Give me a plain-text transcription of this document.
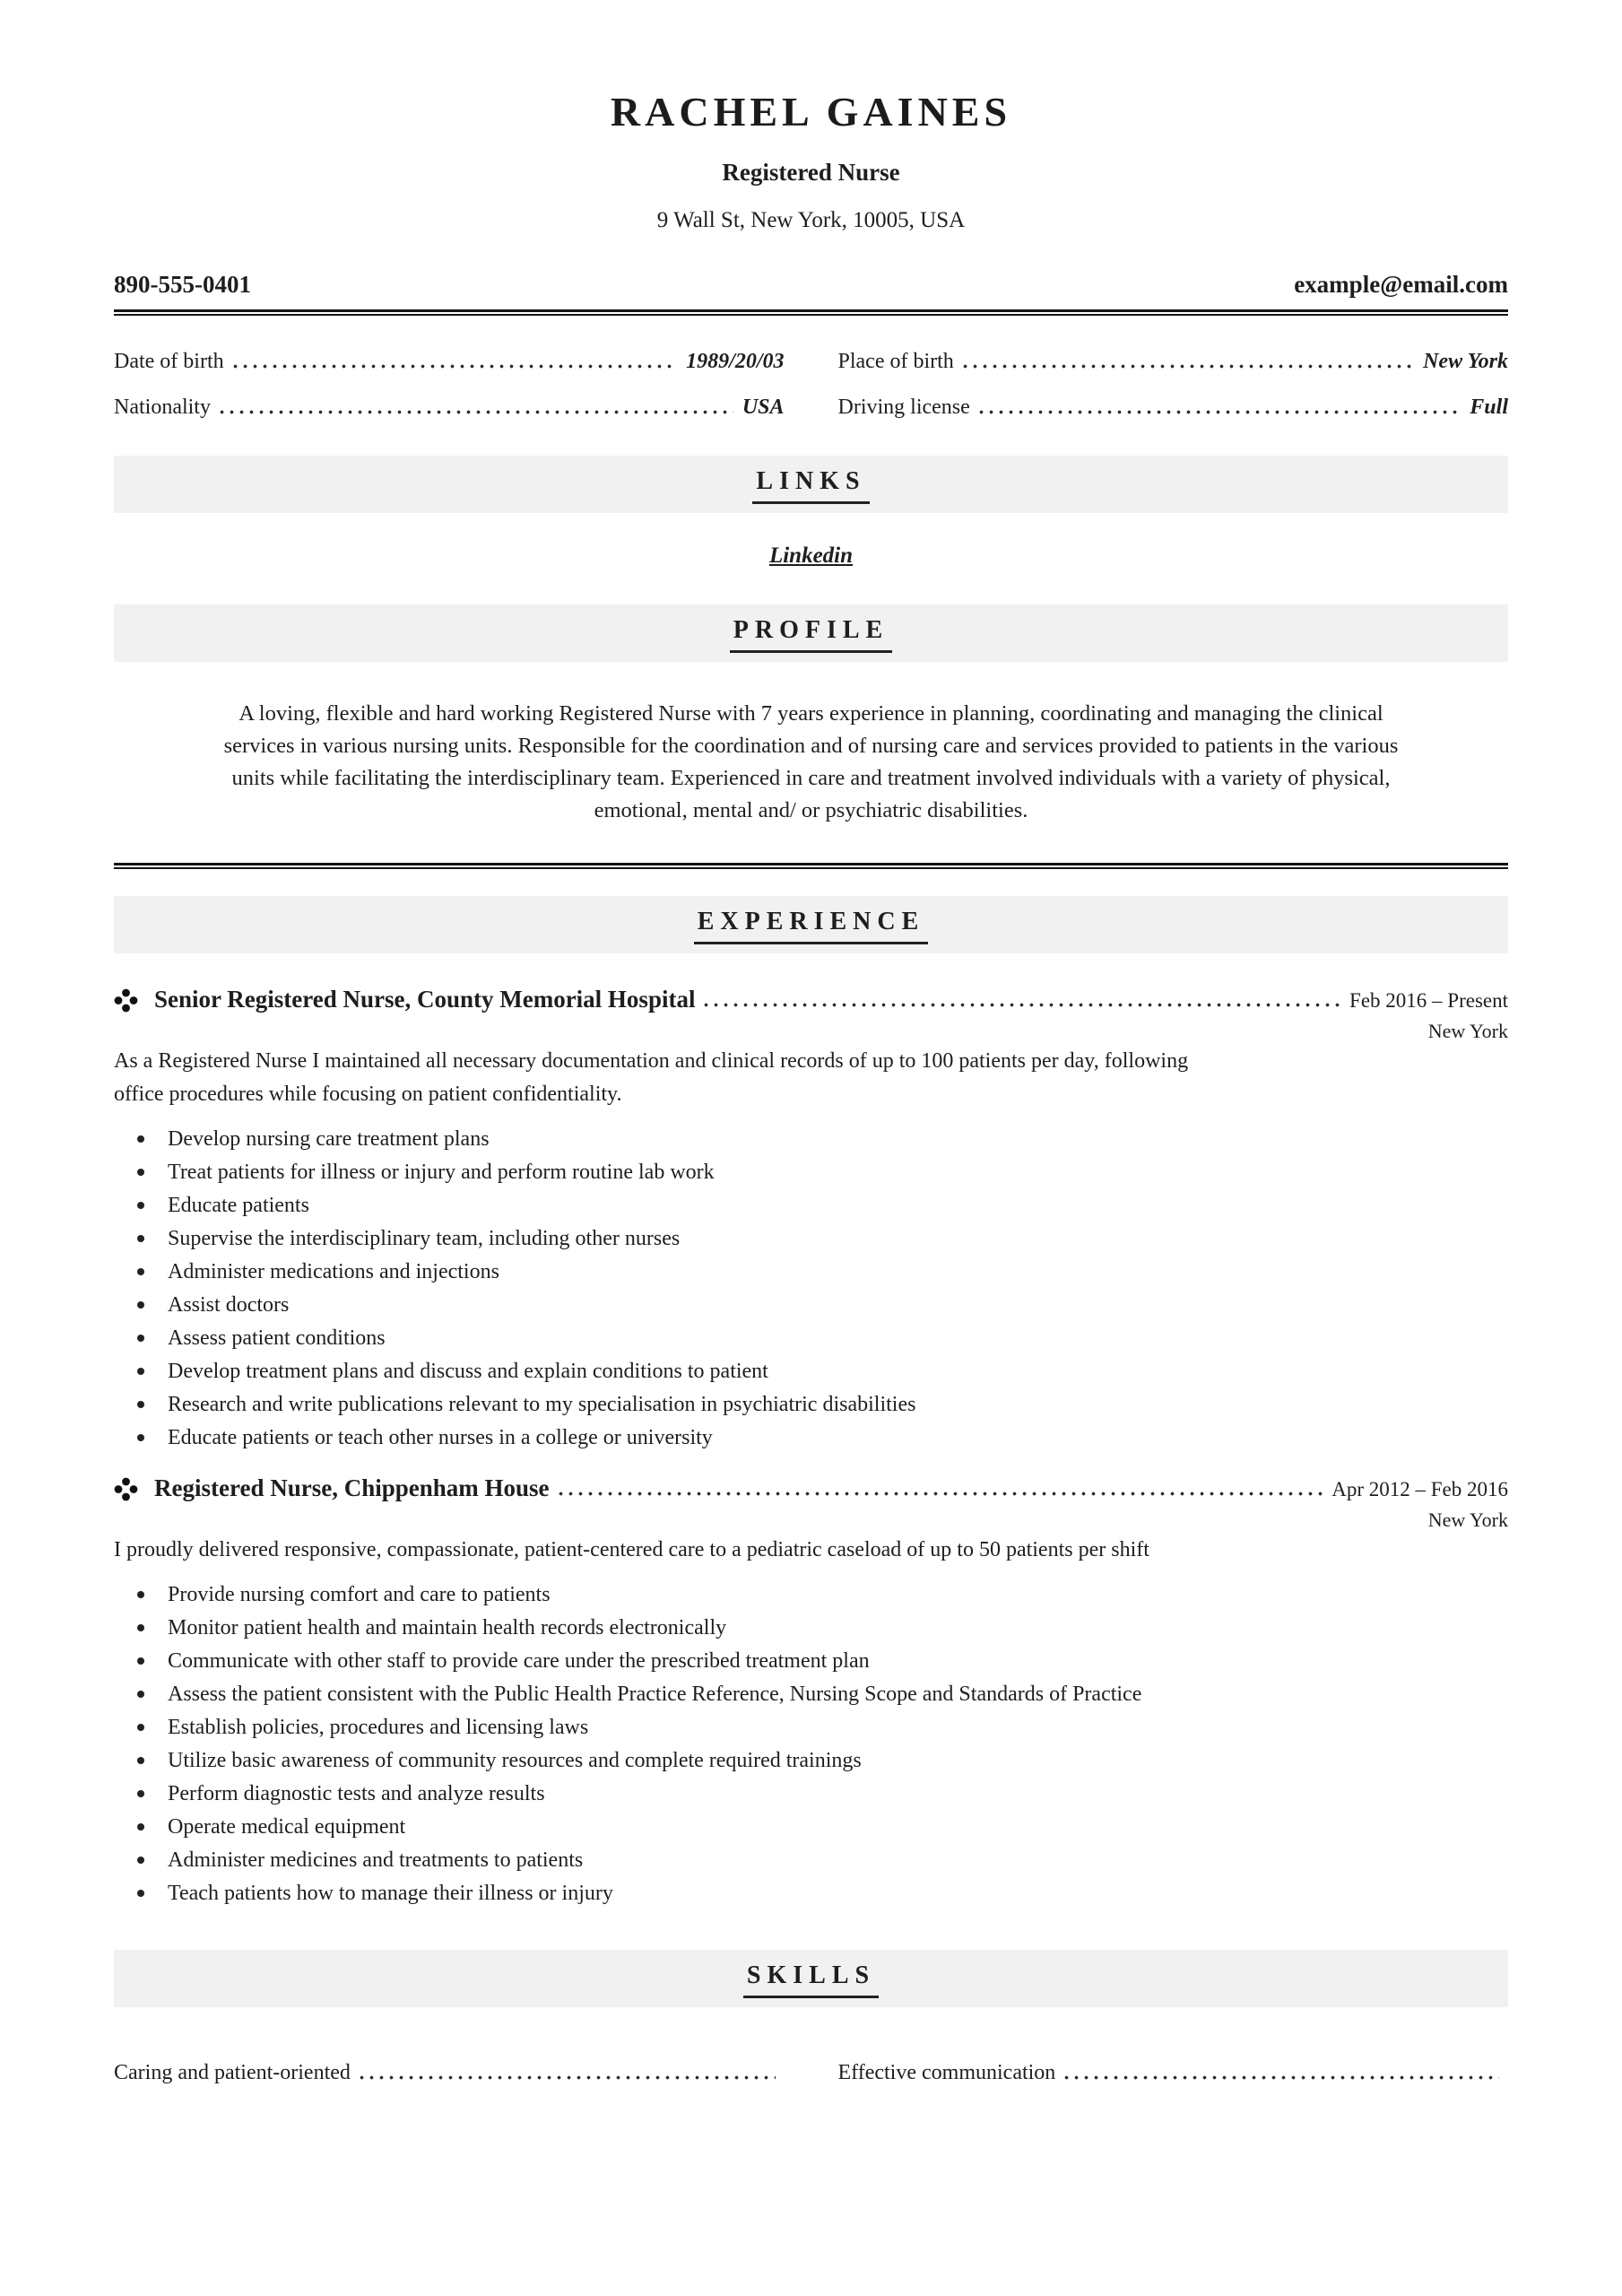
RACHEL GAINES
Registered Nurse
9 Wall St, New York, 10005, USA
890-555-0401	example@email.com
Date of birth	1989/20/03	Place of birth	New York
Nationality	USA	Driving license	Full
LINKS
Linkedin
PROFILE

A loving, flexible and hard working Registered Nurse with 7 years experience in planning, coordinating and managing the clinical services in various nursing units. Responsible for the coordination and of nursing care and services provided to patients in the various units while facilitating the interdisciplinary team. Experienced in care and treatment involved individuals with a variety of physical, emotional, mental and/ or psychiatric disabilities.

EXPERIENCE
Senior Registered Nurse, County Memorial Hospital	Feb 2016 – Present
New York

As a Registered Nurse I maintained all necessary documentation and clinical records of up to 100 patients per day, following office procedures while focusing on patient confidentiality.

Develop nursing care treatment plans
Treat patients for illness or injury and perform routine lab work
Educate patients
Supervise the interdisciplinary team, including other nurses
Administer medications and injections
Assist doctors
Assess patient conditions
Develop treatment plans and discuss and explain conditions to patient
Research and write publications relevant to my specialisation in psychiatric disabilities
Educate patients or teach other nurses in a college or university
Registered Nurse, Chippenham House	Apr 2012 – Feb 2016
New York

I proudly delivered responsive, compassionate, patient-centered care to a pediatric caseload of up to 50 patients per shift

Provide nursing comfort and care to patients
Monitor patient health and maintain health records electronically
Communicate with other staff to provide care under the prescribed treatment plan
Assess the patient consistent with the Public Health Practice Reference, Nursing Scope and Standards of Practice
Establish policies, procedures and licensing laws
Utilize basic awareness of community resources and complete required trainings
Perform diagnostic tests and analyze results
Operate medical equipment
Administer medicines and treatments to patients
Teach patients how to manage their illness or injury
SKILLS
Caring and patient-oriented	Effective communication
